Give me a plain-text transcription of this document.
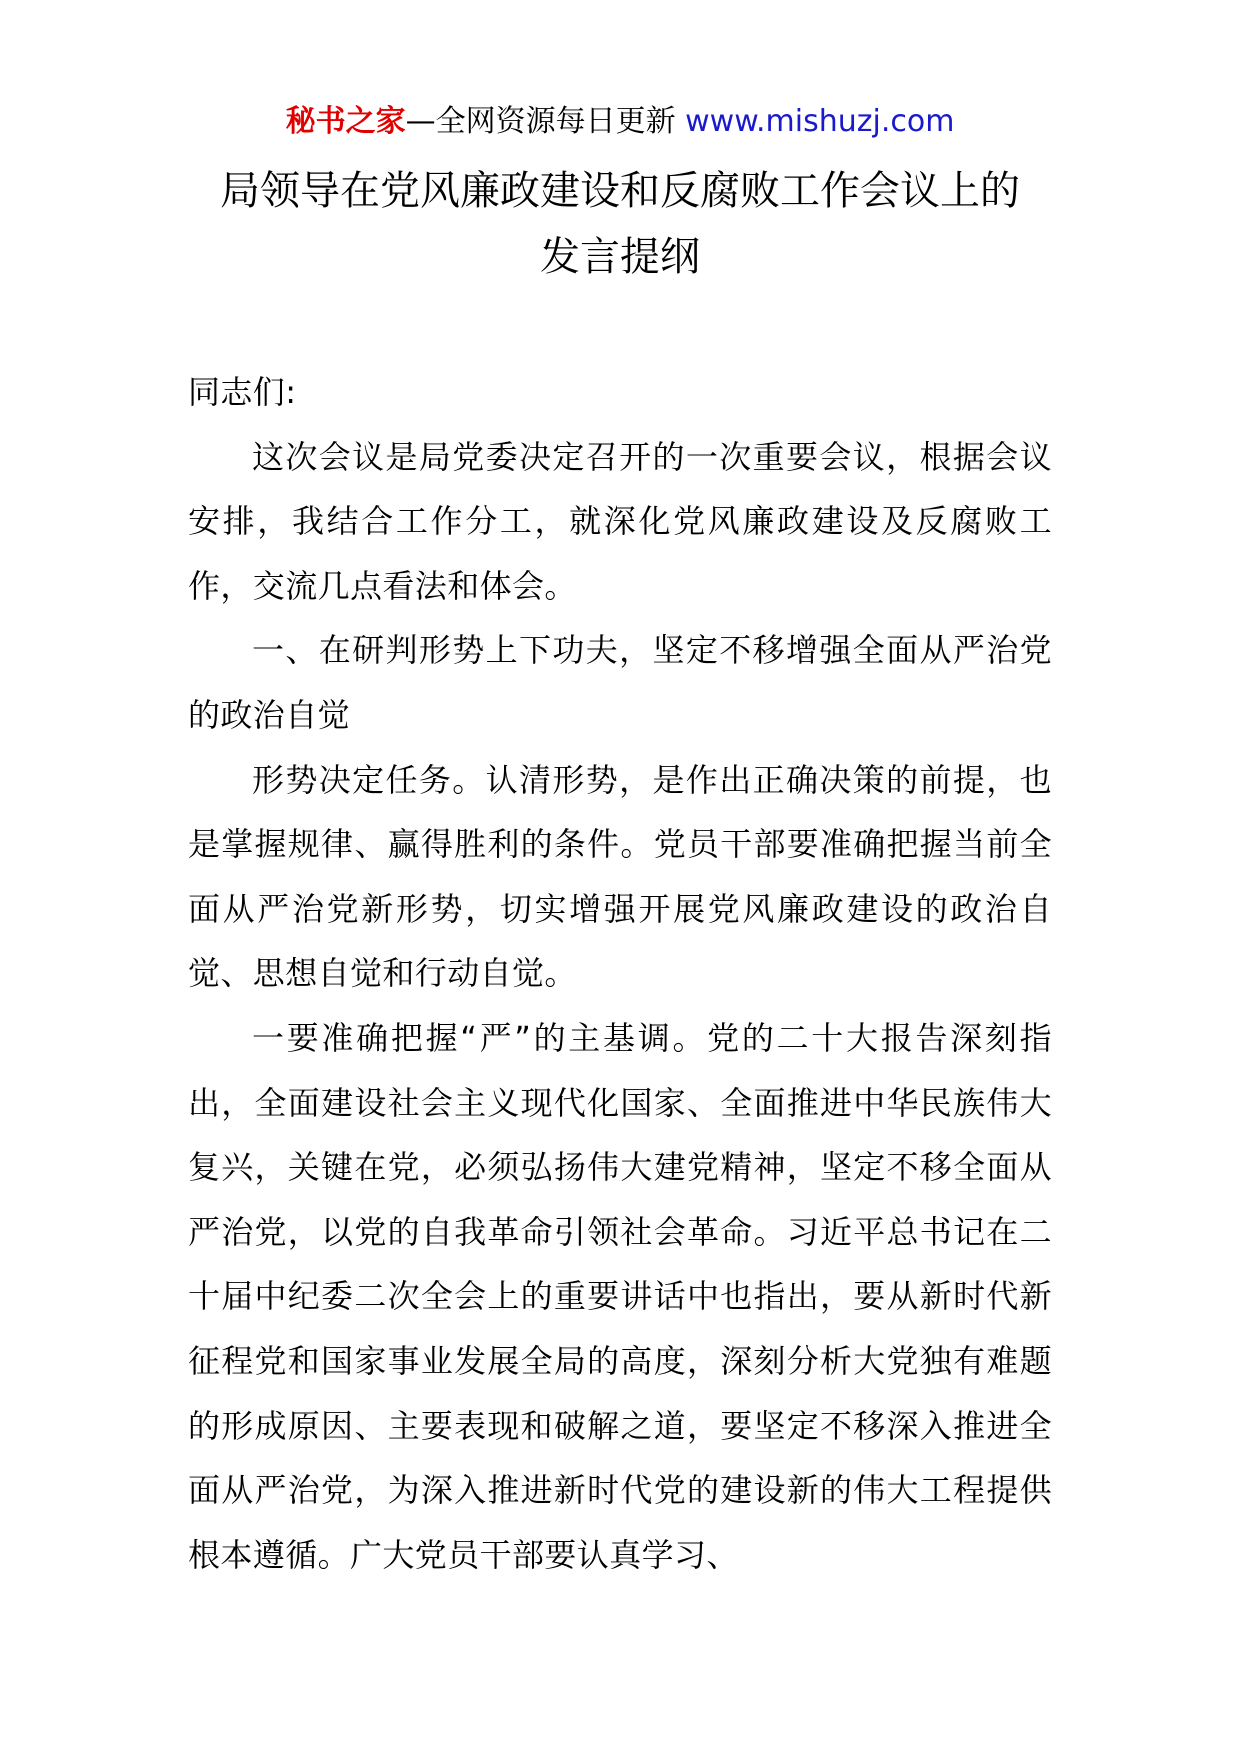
秘书之家—全网资源每日更新 www.mishuzj.com
局领导在党风廉政建设和反腐败工作会议上的
发言提纲

同志们:

这次会议是局党委决定召开的一次重要会议，根据会议安排，我结合工作分工，就深化党风廉政建设及反腐败工作，交流几点看法和体会。

一、在研判形势上下功夫，坚定不移增强全面从严治党的政治自觉

形势决定任务。认清形势，是作出正确决策的前提，也是掌握规律、赢得胜利的条件。党员干部要准确把握当前全面从严治党新形势，切实增强开展党风廉政建设的政治自觉、思想自觉和行动自觉。

一要准确把握“严”的主基调。党的二十大报告深刻指出，全面建设社会主义现代化国家、全面推进中华民族伟大复兴，关键在党，必须弘扬伟大建党精神，坚定不移全面从严治党，以党的自我革命引领社会革命。习近平总书记在二十届中纪委二次全会上的重要讲话中也指出，要从新时代新征程党和国家事业发展全局的高度，深刻分析大党独有难题的形成原因、主要表现和破解之道，要坚定不移深入推进全面从严治党，为深入推进新时代党的建设新的伟大工程提供根本遵循。广大党员干部要认真学习、
